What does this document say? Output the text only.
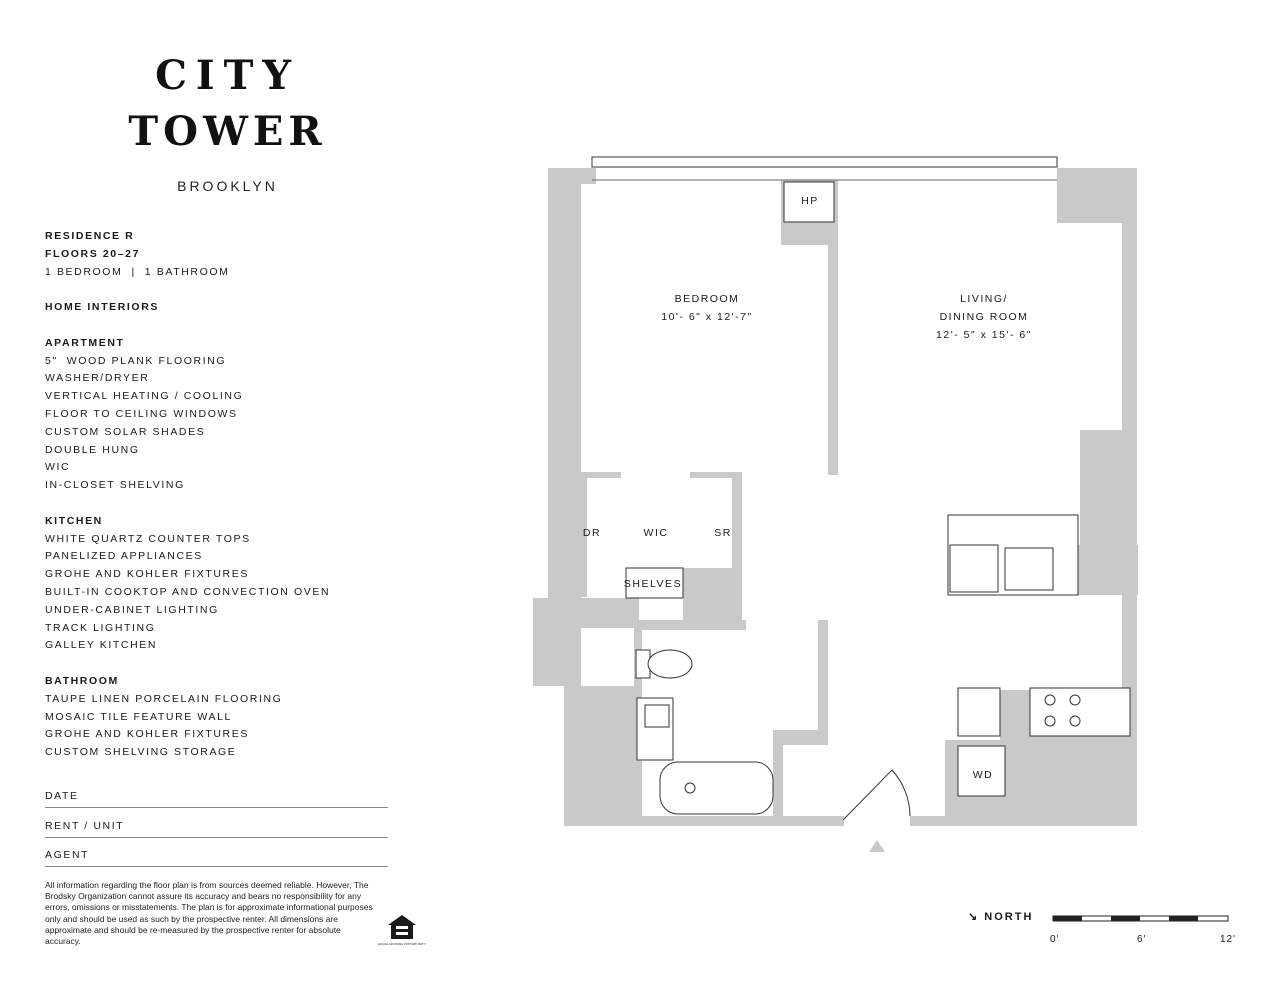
CITY
TOWER
BROOKLYN
RESIDENCE R
FLOORS 20–27
1 BEDROOM  |  1 BATHROOM
HOME INTERIORS
APARTMENT
5"  WOOD PLANK FLOORING
WASHER/DRYER
VERTICAL HEATING / COOLING
FLOOR TO CEILING WINDOWS
CUSTOM SOLAR SHADES
DOUBLE HUNG
WIC
IN-CLOSET SHELVING
KITCHEN
WHITE QUARTZ COUNTER TOPS
PANELIZED APPLIANCES
GROHE AND KOHLER FIXTURES
BUILT-IN COOKTOP AND CONVECTION OVEN
UNDER-CABINET LIGHTING
TRACK LIGHTING
GALLEY KITCHEN
BATHROOM
TAUPE LINEN PORCELAIN FLOORING
MOSAIC TILE FEATURE WALL
GROHE AND KOHLER FIXTURES
CUSTOM SHELVING STORAGE
DATE
RENT / UNIT
AGENT
All information regarding the floor plan is from sources deemed reliable. However, The Brodsky Organization cannot assure its accuracy and bears no responsibility for any errors, omissions or misstatements. The plan is for approximate informational purposes only and should be used as such by the prospective renter. All dimensions are approximate and should be re-measured by the prospective renter for absolute accuracy.	EQUAL HOUSING OPPORTUNITY
HP
BEDROOM
10'- 6" x 12'-7"
LIVING/
DINING ROOM
12'- 5" x 15'- 6"
DR	WIC	SR
SHELVES
WD
↘ NORTH
0'	6'	12'
